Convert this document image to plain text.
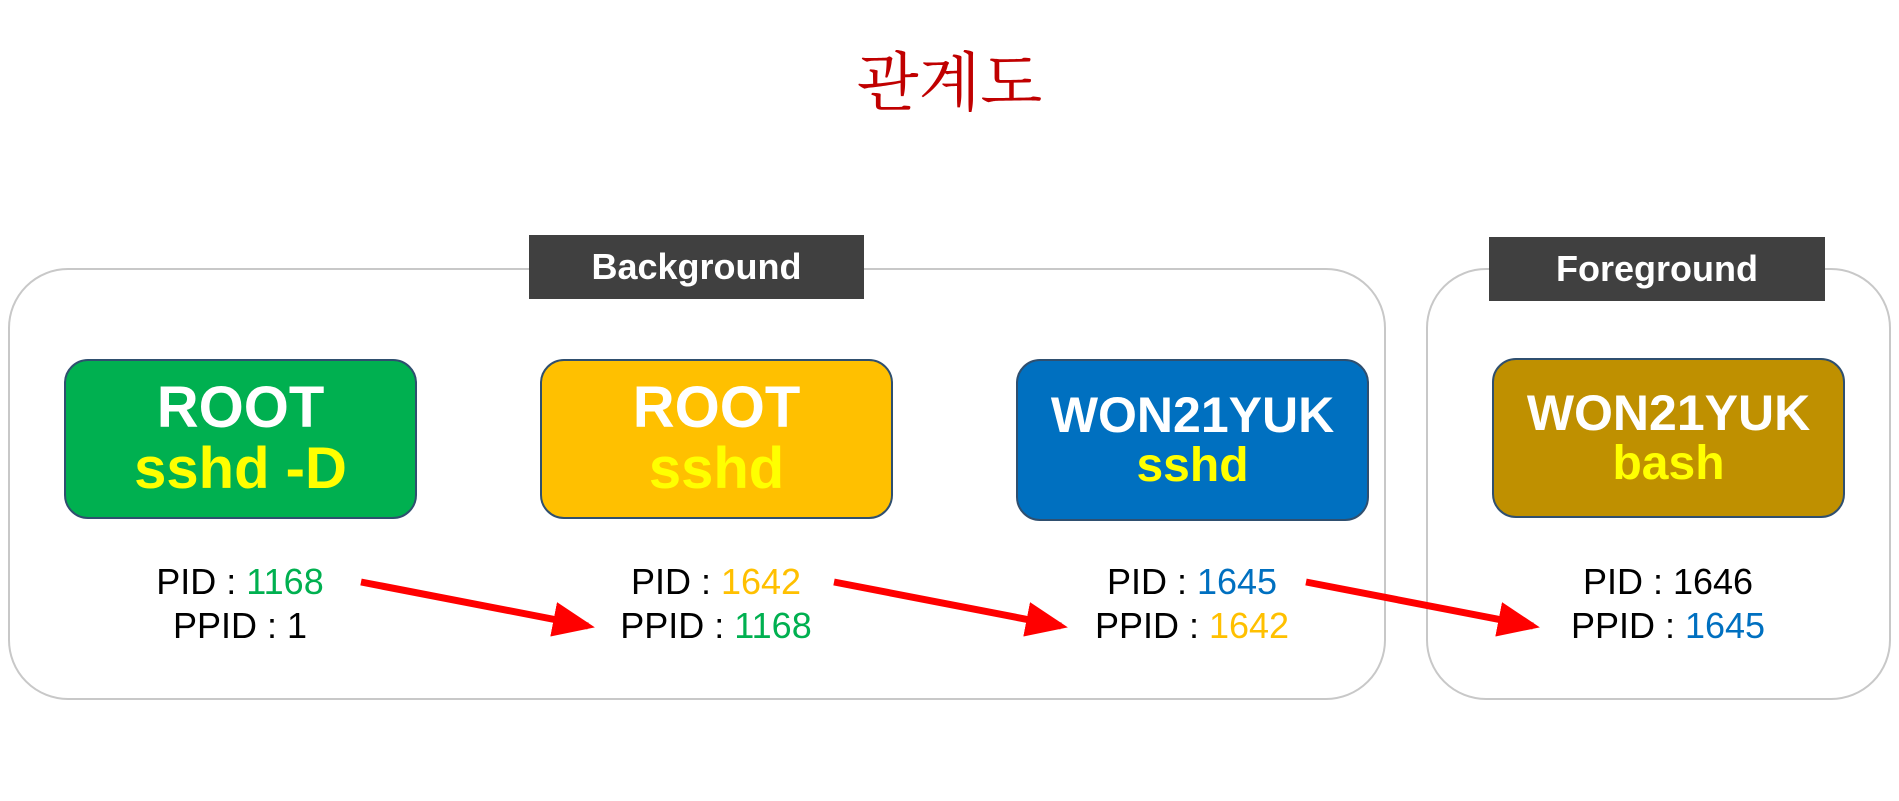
관계도
Background	Foreground
ROOT
sshd -D
ROOT
sshd
WON21YUK
sshd
WON21YUK
bash
PID : 1168
PPID : 1
PID : 1642
PPID : 1168
PID : 1645
PPID : 1642
PID : 1646
PPID : 1645
